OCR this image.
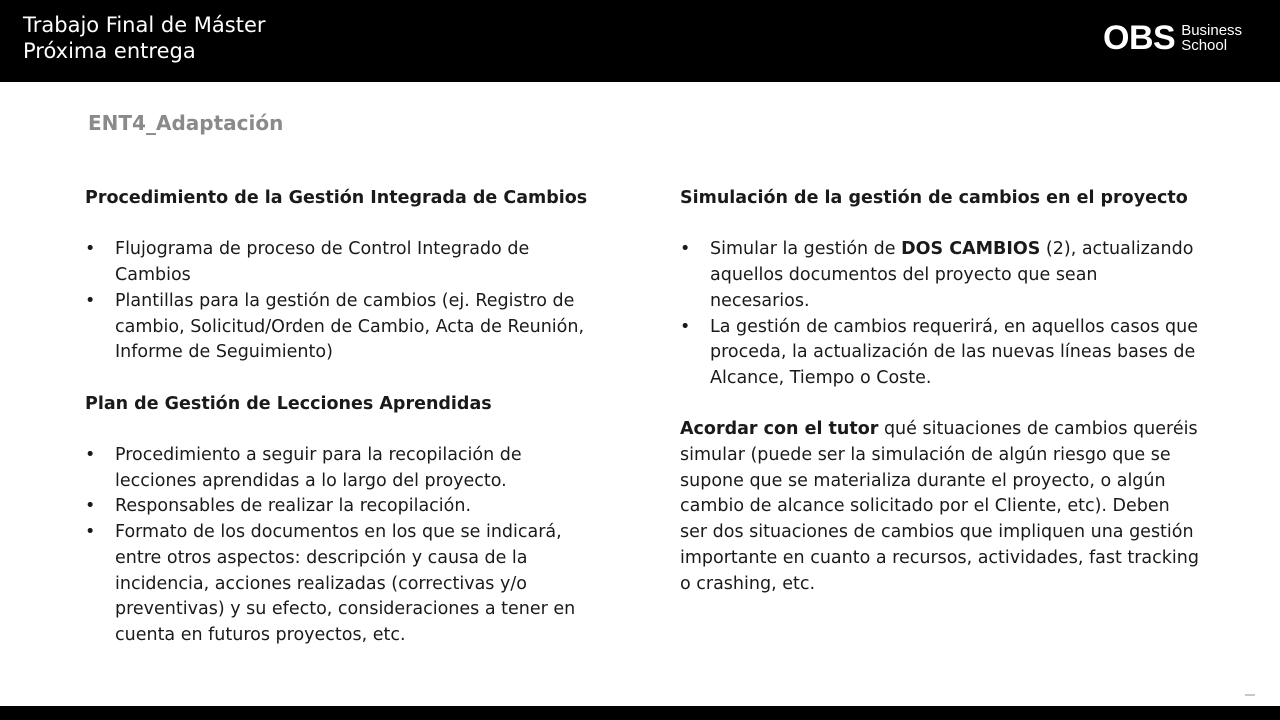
Trabajo Final de Máster
Próxima entrega	OBS Business
School
ENT4_Adaptación
Procedimiento de la Gestión Integrada de Cambios
• Flujograma de proceso de Control Integrado de Cambios
• Plantillas para la gestión de cambios (ej. Registro de cambio, Solicitud/Orden de Cambio, Acta de Reunión, Informe de Seguimiento)
Plan de Gestión de Lecciones Aprendidas
• Procedimiento a seguir para la recopilación de lecciones aprendidas a lo largo del proyecto.
• Responsables de realizar la recopilación.
• Formato de los documentos en los que se indicará, entre otros aspectos: descripción y causa de la incidencia, acciones realizadas (correctivas y/o preventivas) y su efecto, consideraciones a tener en cuenta en futuros proyectos, etc.
Simulación de la gestión de cambios en el proyecto
• Simular la gestión de DOS CAMBIOS (2), actualizando aquellos documentos del proyecto que sean necesarios.
• La gestión de cambios requerirá, en aquellos casos que proceda, la actualización de las nuevas líneas bases de Alcance, Tiempo o Coste.

Acordar con el tutor qué situaciones de cambios queréis simular (puede ser la simulación de algún riesgo que se supone que se materializa durante el proyecto, o algún cambio de alcance solicitado por el Cliente, etc). Deben ser dos situaciones de cambios que impliquen una gestión importante en cuanto a recursos, actividades, fast tracking o crashing, etc.
